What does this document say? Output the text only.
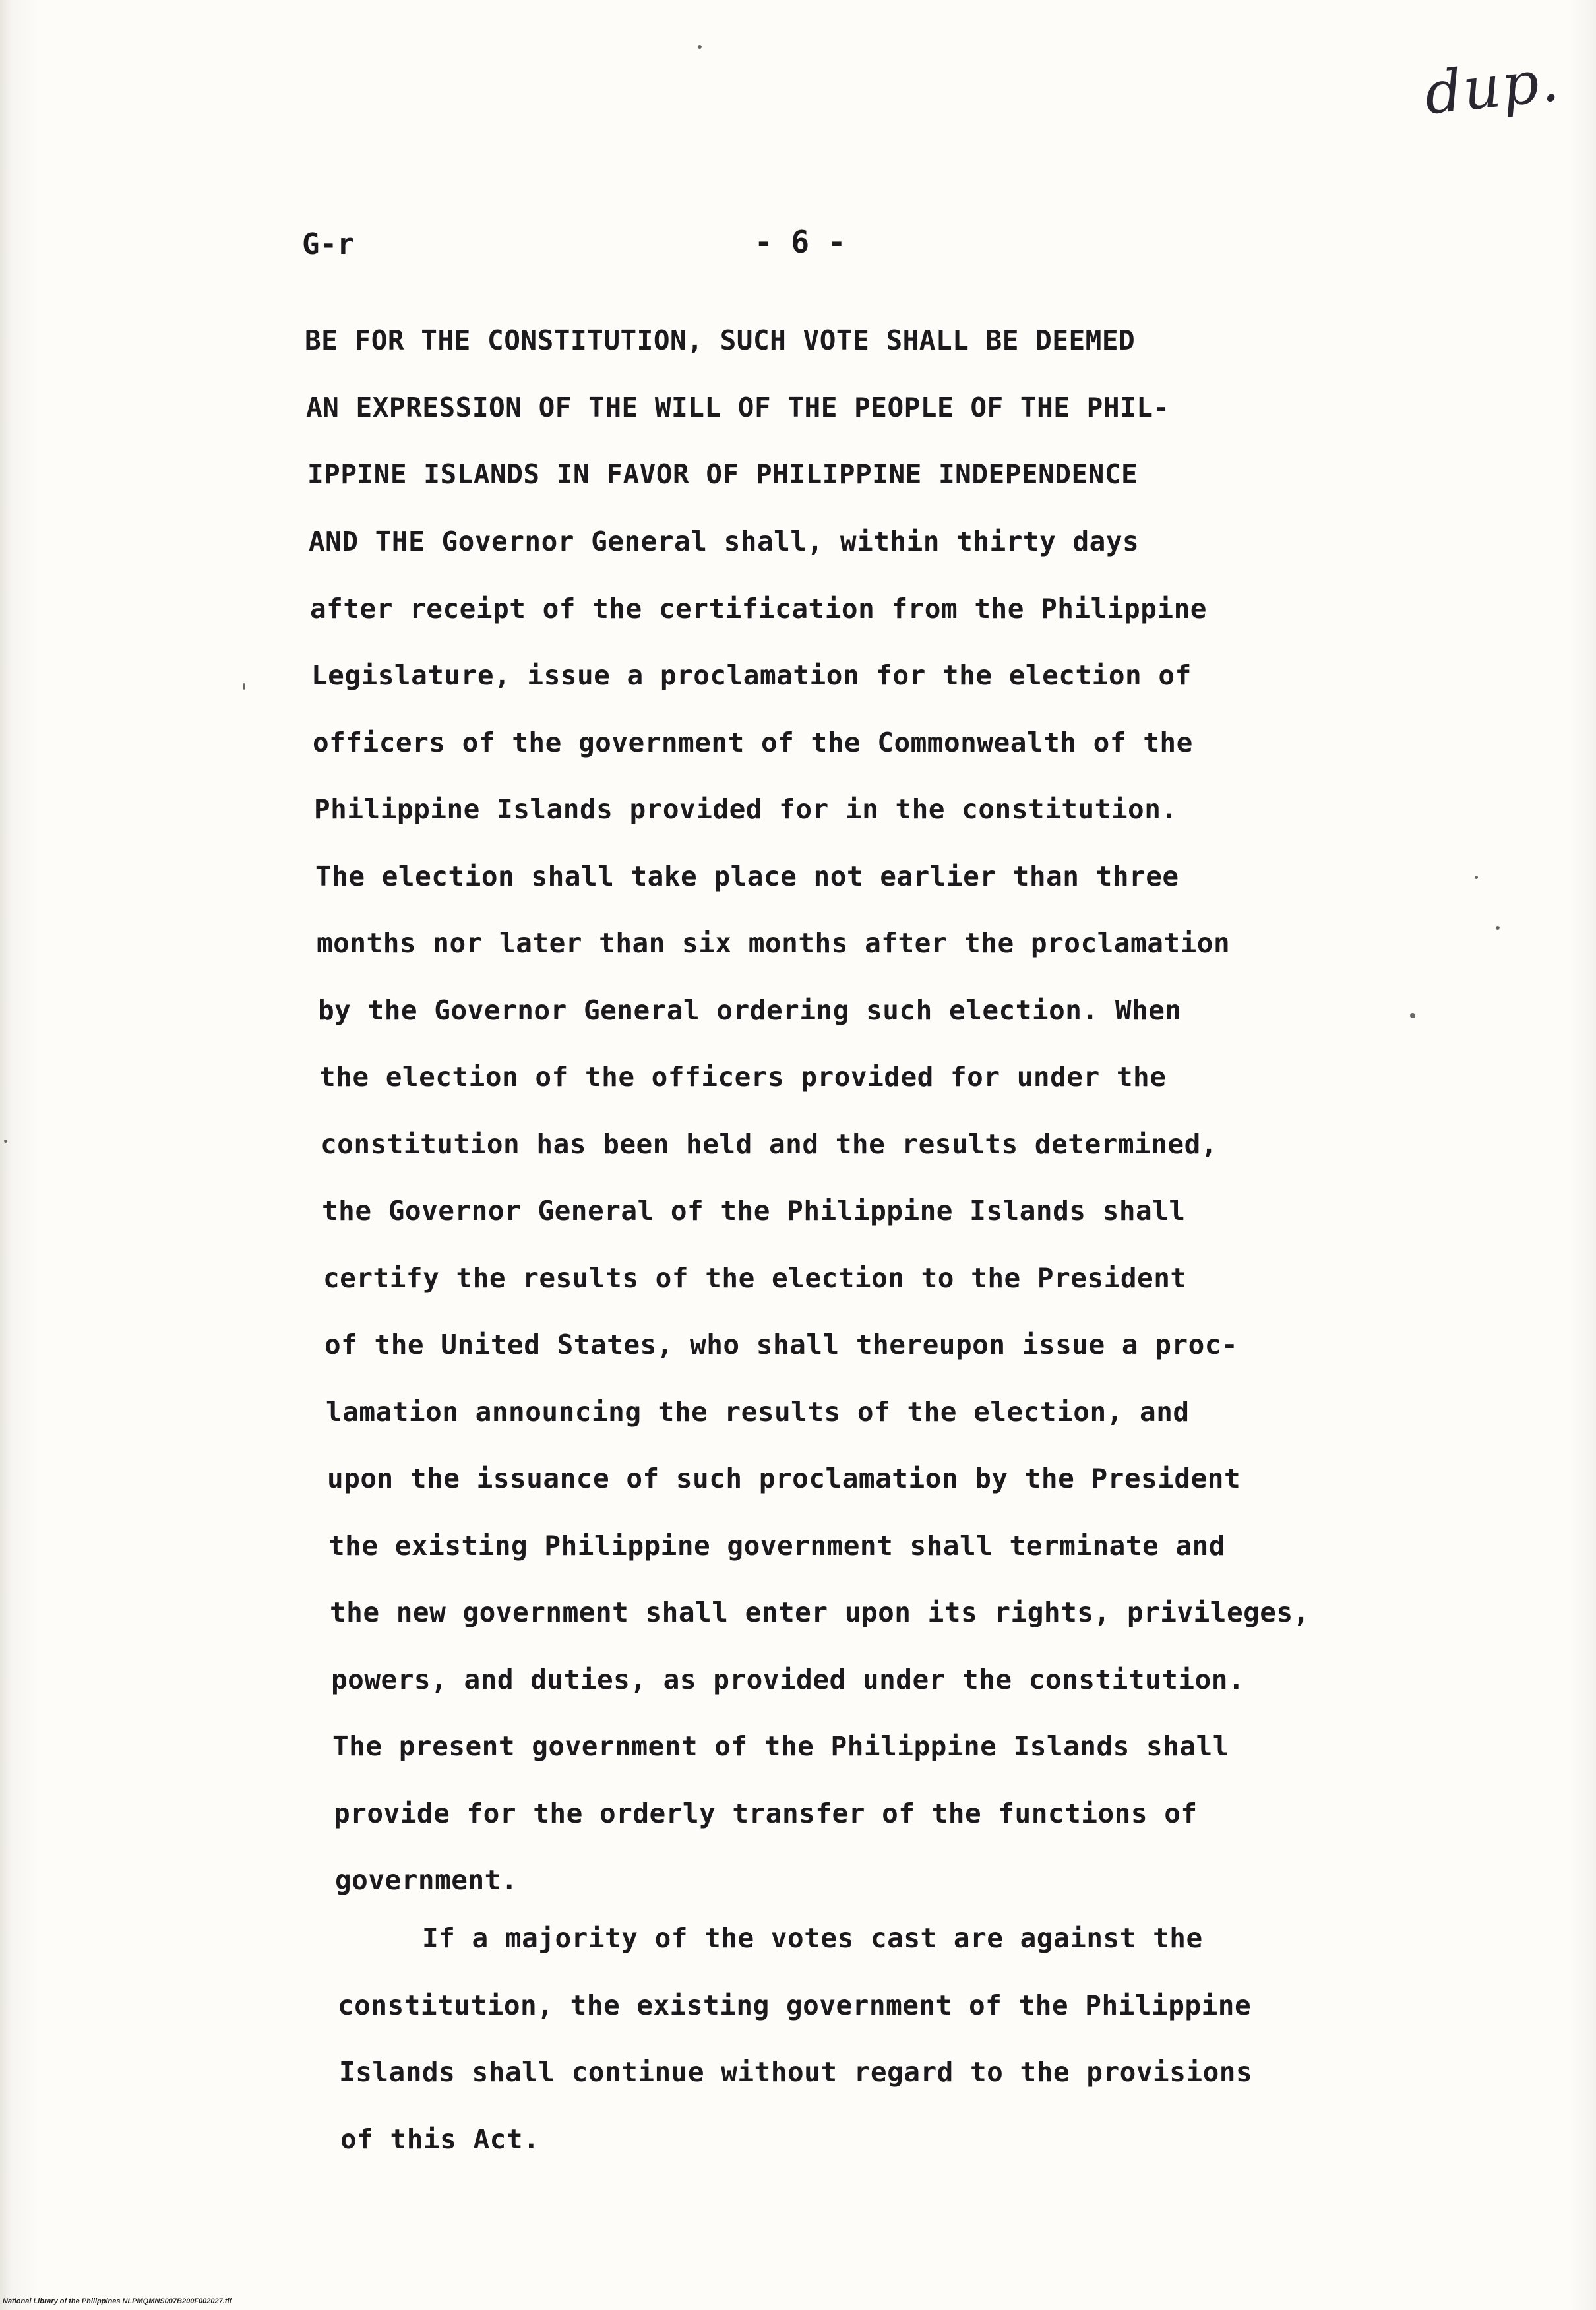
dup.
G-r	- 6 -
BE FOR THE CONSTITUTION, SUCH VOTE SHALL BE DEEMED
AN EXPRESSION OF THE WILL OF THE PEOPLE OF THE PHIL-
IPPINE ISLANDS IN FAVOR OF PHILIPPINE INDEPENDENCE
AND THE Governor General shall, within thirty days
after receipt of the certification from the Philippine
Legislature, issue a proclamation for the election of
officers of the government of the Commonwealth of the
Philippine Islands provided for in the constitution.
The election shall take place not earlier than three
months nor later than six months after the proclamation
by the Governor General ordering such election. When
the election of the officers provided for under the
constitution has been held and the results determined,
the Governor General of the Philippine Islands shall
certify the results of the election to the President
of the United States, who shall thereupon issue a proc-
lamation announcing the results of the election, and
upon the issuance of such proclamation by the President
the existing Philippine government shall terminate and
the new government shall enter upon its rights, privileges,
powers, and duties, as provided under the constitution.
The present government of the Philippine Islands shall
provide for the orderly transfer of the functions of
government.
If a majority of the votes cast are against the
constitution, the existing government of the Philippine
Islands shall continue without regard to the provisions
of this Act.
National Library of the Philippines NLPMQMNS007B200F002027.tif
